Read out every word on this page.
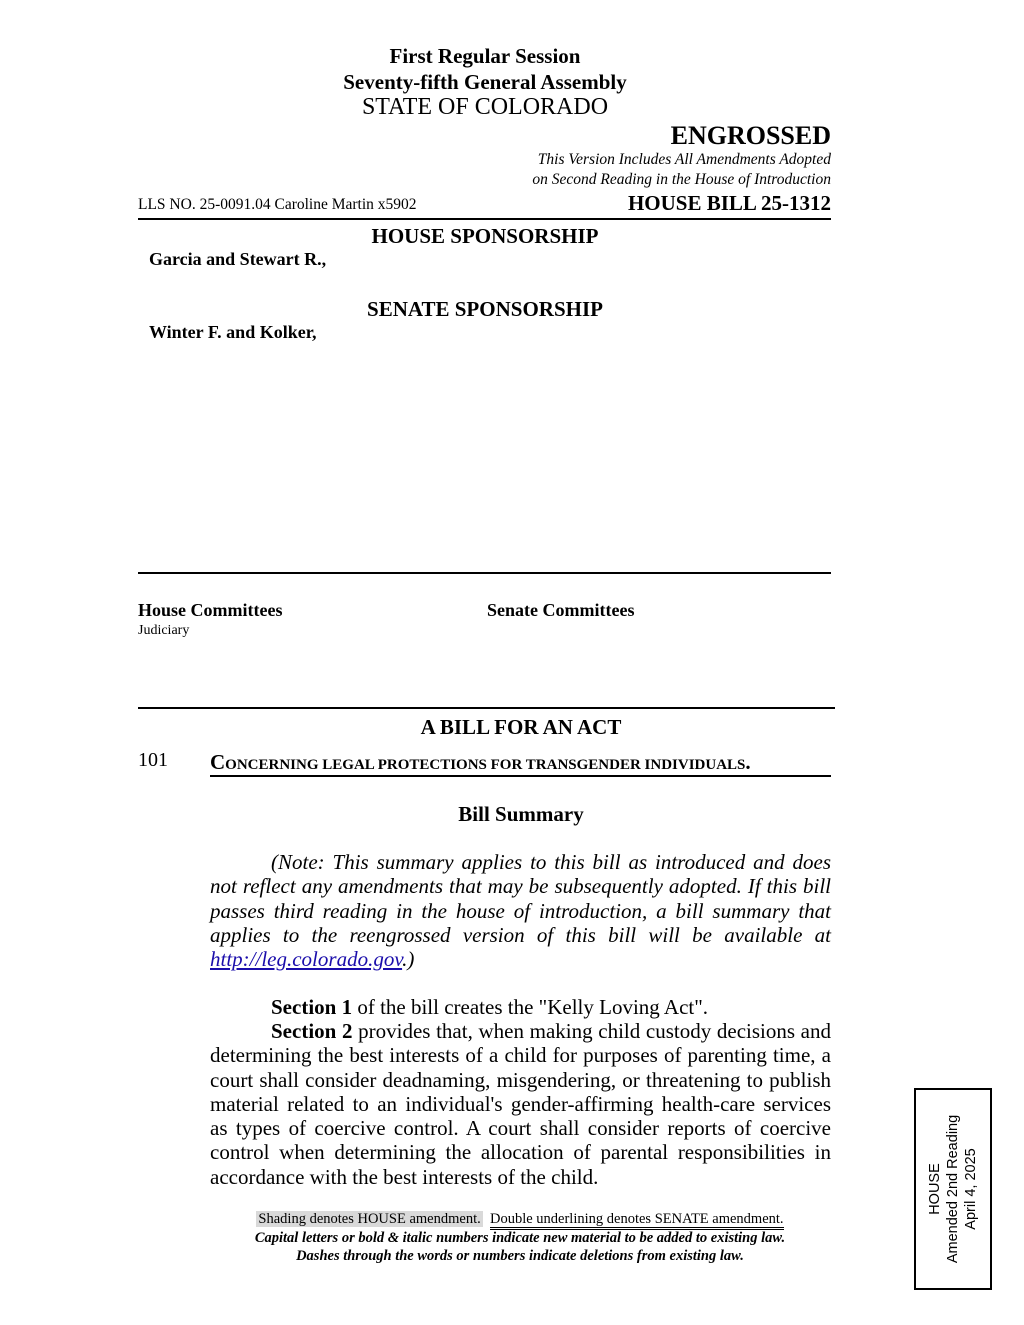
First Regular Session
Seventy-fifth General Assembly
STATE OF COLORADO
ENGROSSED
This Version Includes All Amendments Adopted
on Second Reading in the House of Introduction
LLS NO. 25-0091.04 Caroline Martin x5902	HOUSE BILL 25-1312
HOUSE SPONSORSHIP
Garcia and Stewart R.,
SENATE SPONSORSHIP
Winter F. and Kolker,
House Committees
Judiciary
Senate Committees
A BILL FOR AN ACT
101 CONCERNING LEGAL PROTECTIONS FOR TRANSGENDER INDIVIDUALS.
Bill Summary
(Note: This summary applies to this bill as introduced and does not reflect any amendments that may be subsequently adopted. If this bill passes third reading in the house of introduction, a bill summary that applies to the reengrossed version of this bill will be available at http://leg.colorado.gov.)
Section 1 of the bill creates the "Kelly Loving Act".
Section 2 provides that, when making child custody decisions and determining the best interests of a child for purposes of parenting time, a court shall consider deadnaming, misgendering, or threatening to publish material related to an individual's gender-affirming health-care services as types of coercive control. A court shall consider reports of coercive control when determining the allocation of parental responsibilities in accordance with the best interests of the child.
Shading denotes HOUSE amendment. Double underlining denotes SENATE amendment.
Capital letters or bold & italic numbers indicate new material to be added to existing law.
Dashes through the words or numbers indicate deletions from existing law.
HOUSE Amended 2nd Reading April 4, 2025
